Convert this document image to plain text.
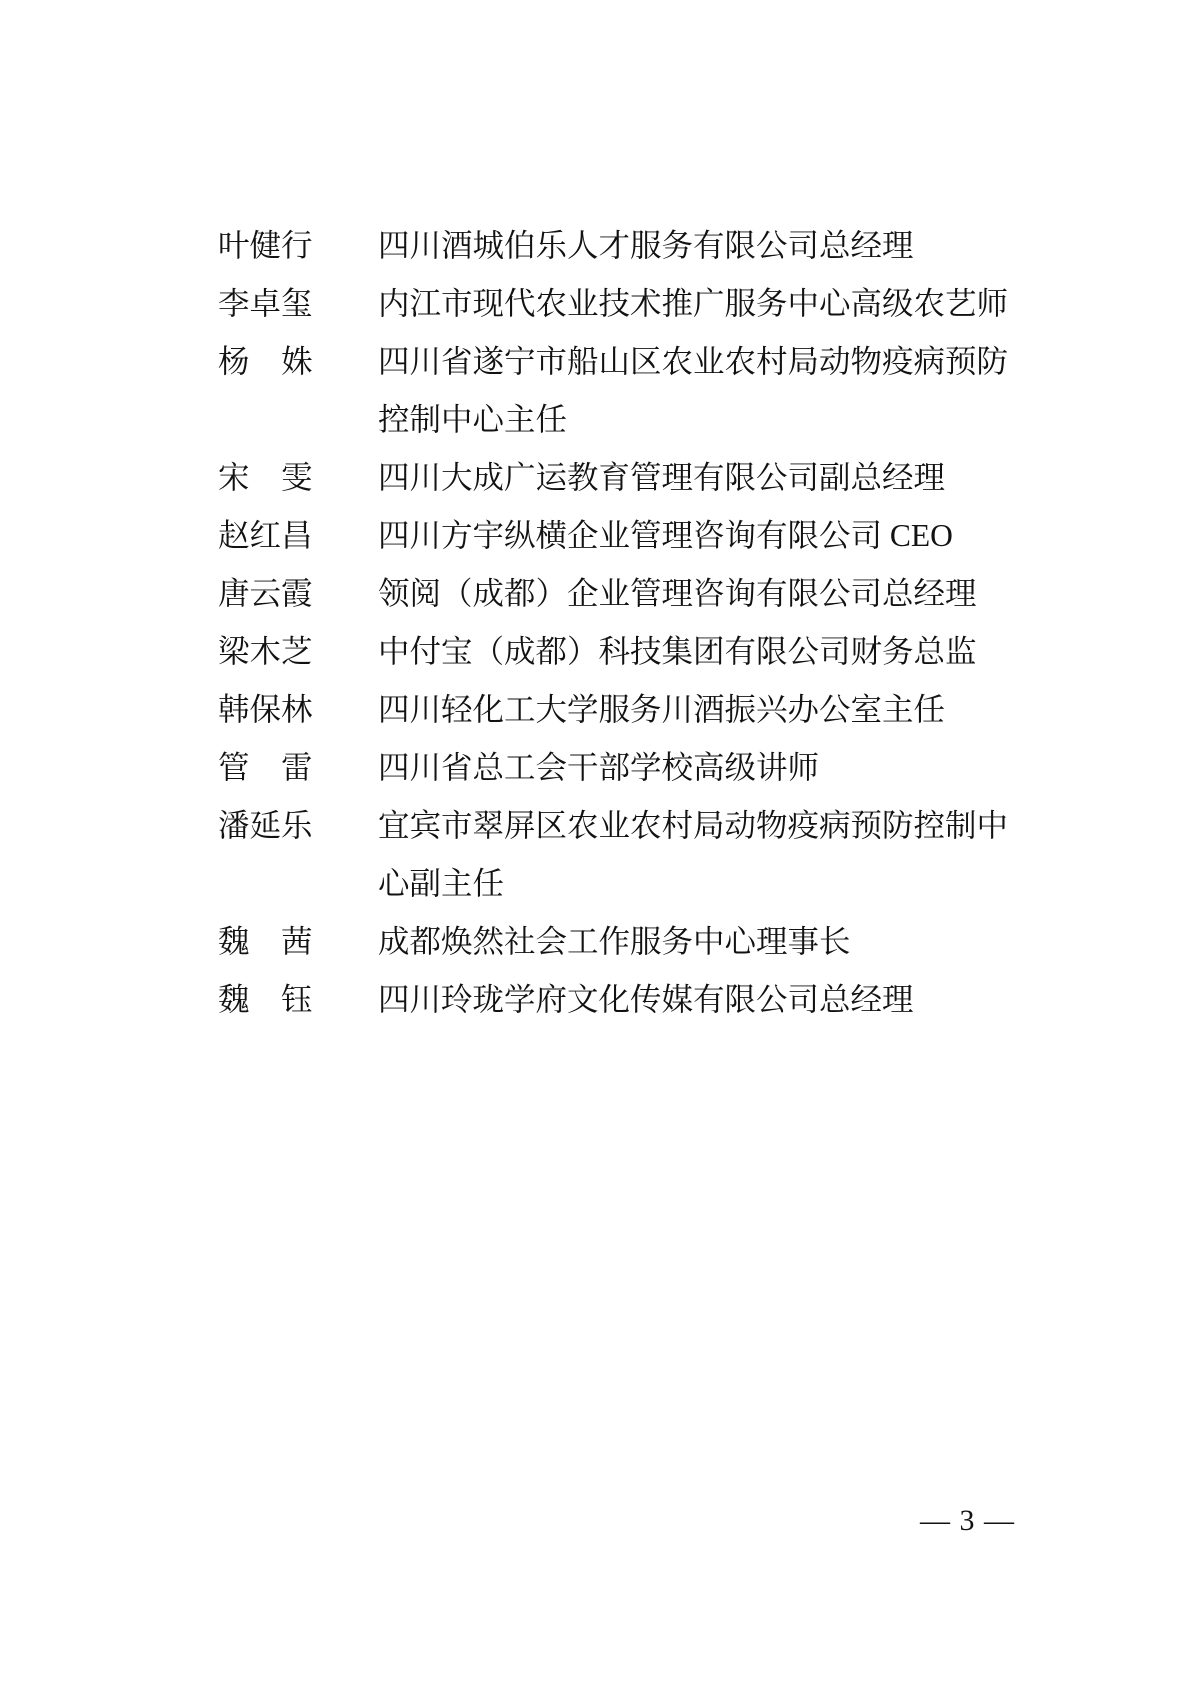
叶健行	四川酒城伯乐人才服务有限公司总经理
李卓玺	内江市现代农业技术推广服务中心高级农艺师
杨　姝	四川省遂宁市船山区农业农村局动物疫病预防
控制中心主任
宋　雯	四川大成广运教育管理有限公司副总经理
赵红昌	四川方宇纵横企业管理咨询有限公司 CEO
唐云霞	领阅（成都）企业管理咨询有限公司总经理
梁木芝	中付宝（成都）科技集团有限公司财务总监
韩保林	四川轻化工大学服务川酒振兴办公室主任
管　雷	四川省总工会干部学校高级讲师
潘延乐	宜宾市翠屏区农业农村局动物疫病预防控制中
心副主任
魏　茜	成都焕然社会工作服务中心理事长
魏　钰	四川玲珑学府文化传媒有限公司总经理
— 3 —
